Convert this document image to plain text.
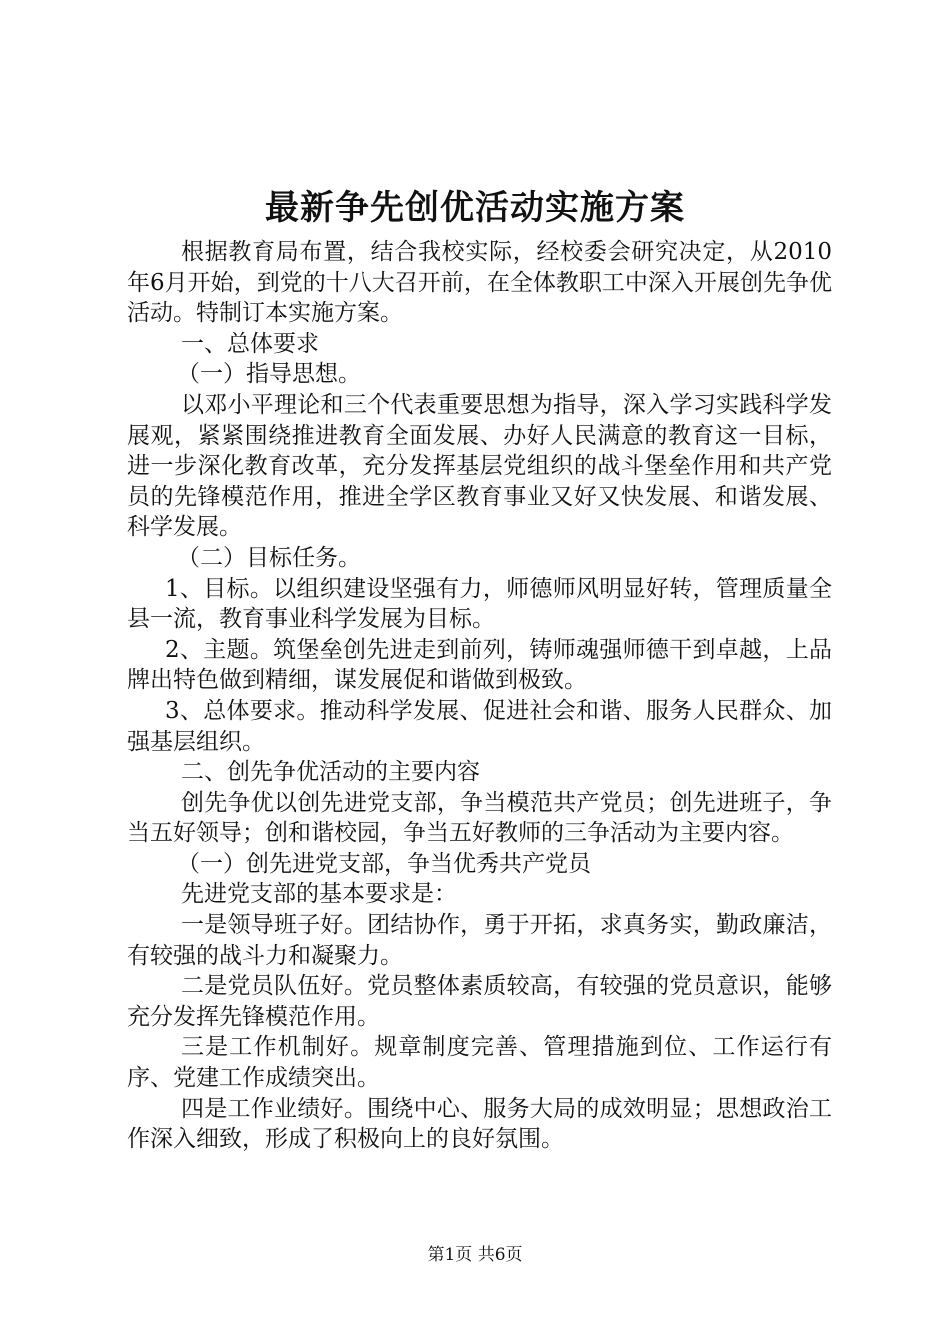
最新争先创优活动实施方案

根据教育局布置，结合我校实际，经校委会研究决定，从2010年6月开始，到党的十八大召开前，在全体教职工中深入开展创先争优活动。特制订本实施方案。

一、总体要求

（一）指导思想。

以邓小平理论和三个代表重要思想为指导，深入学习实践科学发展观，紧紧围绕推进教育全面发展、办好人民满意的教育这一目标，进一步深化教育改革，充分发挥基层党组织的战斗堡垒作用和共产党员的先锋模范作用，推进全学区教育事业又好又快发展、和谐发展、科学发展。

（二）目标任务。

1、目标。以组织建设坚强有力，师德师风明显好转，管理质量全县一流，教育事业科学发展为目标。

2、主题。筑堡垒创先进走到前列，铸师魂强师德干到卓越，上品牌出特色做到精细，谋发展促和谐做到极致。

3、总体要求。推动科学发展、促进社会和谐、服务人民群众、加强基层组织。

二、创先争优活动的主要内容

创先争优以创先进党支部，争当模范共产党员；创先进班子，争当五好领导；创和谐校园，争当五好教师的三争活动为主要内容。

（一）创先进党支部，争当优秀共产党员

先进党支部的基本要求是：

一是领导班子好。团结协作，勇于开拓，求真务实，勤政廉洁，有较强的战斗力和凝聚力。

二是党员队伍好。党员整体素质较高，有较强的党员意识，能够充分发挥先锋模范作用。

三是工作机制好。规章制度完善、管理措施到位、工作运行有序、党建工作成绩突出。

四是工作业绩好。围绕中心、服务大局的成效明显；思想政治工作深入细致，形成了积极向上的良好氛围。

第1页 共6页
